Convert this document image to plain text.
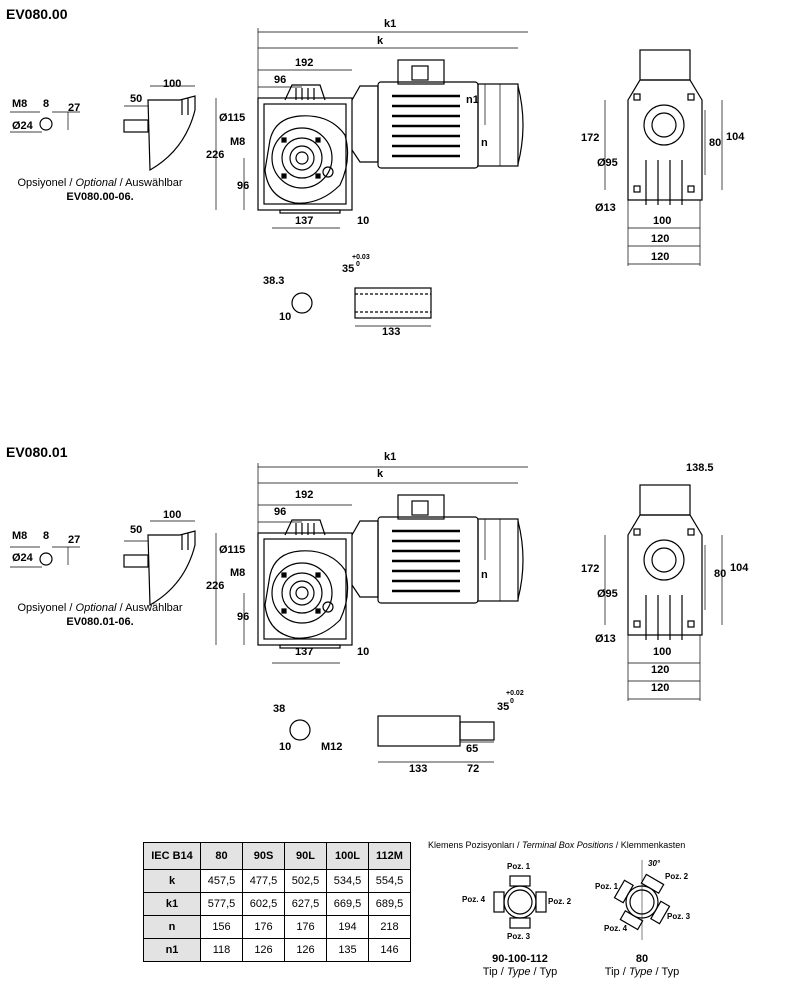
EV080.00
Opsiyonel / Optional / Auswählbar
EV080.00-06.
M8 8 27
Ø24
50
100
k1
k
192
96
Ø115
M8
226
96
137	10
n1
n	172	80 104
Ø95
Ø13
100
120
120
38.3
10
35
+0.03
0
133
EV080.01
Opsiyonel / Optional / Auswählbar
EV080.01-06.
M8 8 27
Ø24
50
100
k1
k
192
96
Ø115
M8
226
96
137	10
n
138.5
172	80 104
Ø95
Ø13
100
120
120
38
10	M12
35
+0.02
0
65
133	72
IEC B14	80	90S	90L	100L	112M
k	457,5	477,5	502,5	534,5	554,5
k1	577,5	602,5	627,5	669,5	689,5
n	156	176	176	194	218
n1	118	126	126	135	146
Klemens Pozisyonları / Terminal Box Positions / Klemmenkasten
Poz. 1
Poz. 2
Poz. 3
Poz. 4
Poz. 1
Poz. 2
Poz. 3
Poz. 4
30°
90-100-112
Tip / Type / Typ
80
Tip / Type / Typ
